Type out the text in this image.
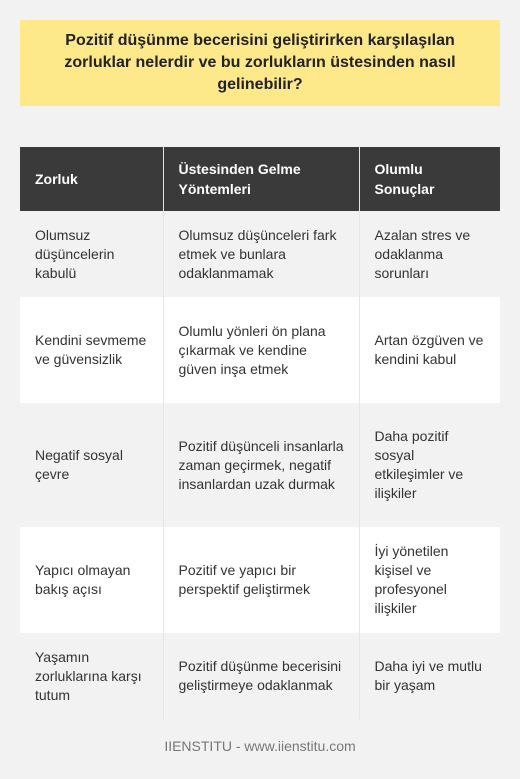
Pozitif düşünme becerisini geliştirirken karşılaşılan zorluklar nelerdir ve bu zorlukların üstesinden nasıl gelinebilir?
Zorluk	Üstesinden Gelme Yöntemleri	Olumlu Sonuçlar
Olumsuz düşüncelerin kabulü	Olumsuz düşünceleri fark etmek ve bunlara odaklanmamak	Azalan stres ve odaklanma sorunları
Kendini sevmeme ve güvensizlik	Olumlu yönleri ön plana çıkarmak ve kendine güven inşa etmek	Artan özgüven ve kendini kabul
Negatif sosyal çevre	Pozitif düşünceli insanlarla zaman geçirmek, negatif insanlardan uzak durmak	Daha pozitif sosyal etkileşimler ve ilişkiler
Yapıcı olmayan bakış açısı	Pozitif ve yapıcı bir perspektif geliştirmek	İyi yönetilen kişisel ve profesyonel ilişkiler
Yaşamın zorluklarına karşı tutum	Pozitif düşünme becerisini geliştirmeye odaklanmak	Daha iyi ve mutlu bir yaşam
IIENSTITU - www.iienstitu.com
